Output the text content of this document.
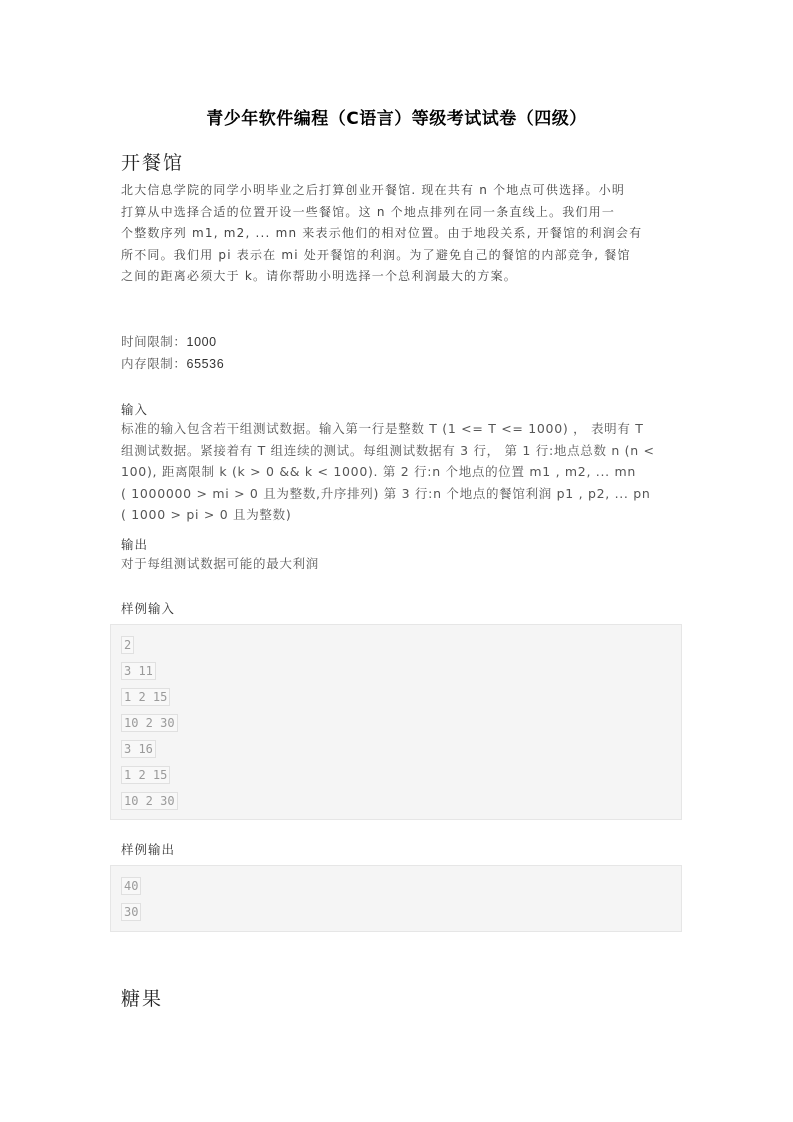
青少年软件编程（C语言）等级考试试卷（四级）
开餐馆
北大信息学院的同学小明毕业之后打算创业开餐馆. 现在共有 n 个地点可供选择。小明
打算从中选择合适的位置开设一些餐馆。这 n 个地点排列在同一条直线上。我们用一
个整数序列 m1, m2, ... mn 来表示他们的相对位置。由于地段关系, 开餐馆的利润会有
所不同。我们用 pi 表示在 mi 处开餐馆的利润。为了避免自己的餐馆的内部竞争, 餐馆
之间的距离必须大于 k。请你帮助小明选择一个总利润最大的方案。
时间限制：1000
内存限制：65536
输入
标准的输入包含若干组测试数据。输入第一行是整数 T (1 <= T <= 1000) ， 表明有 T
组测试数据。紧接着有 T 组连续的测试。每组测试数据有 3 行， 第 1 行:地点总数 n (n <
100), 距离限制 k (k > 0 && k < 1000). 第 2 行:n 个地点的位置 m1 , m2, ... mn
( 1000000 > mi > 0 且为整数,升序排列) 第 3 行:n 个地点的餐馆利润 p1 , p2, ... pn
( 1000 > pi > 0 且为整数)
输出
对于每组测试数据可能的最大利润
样例输入
2
3 11
1 2 15
10 2 30
3 16
1 2 15
10 2 30
样例输出
40
30
糖果
